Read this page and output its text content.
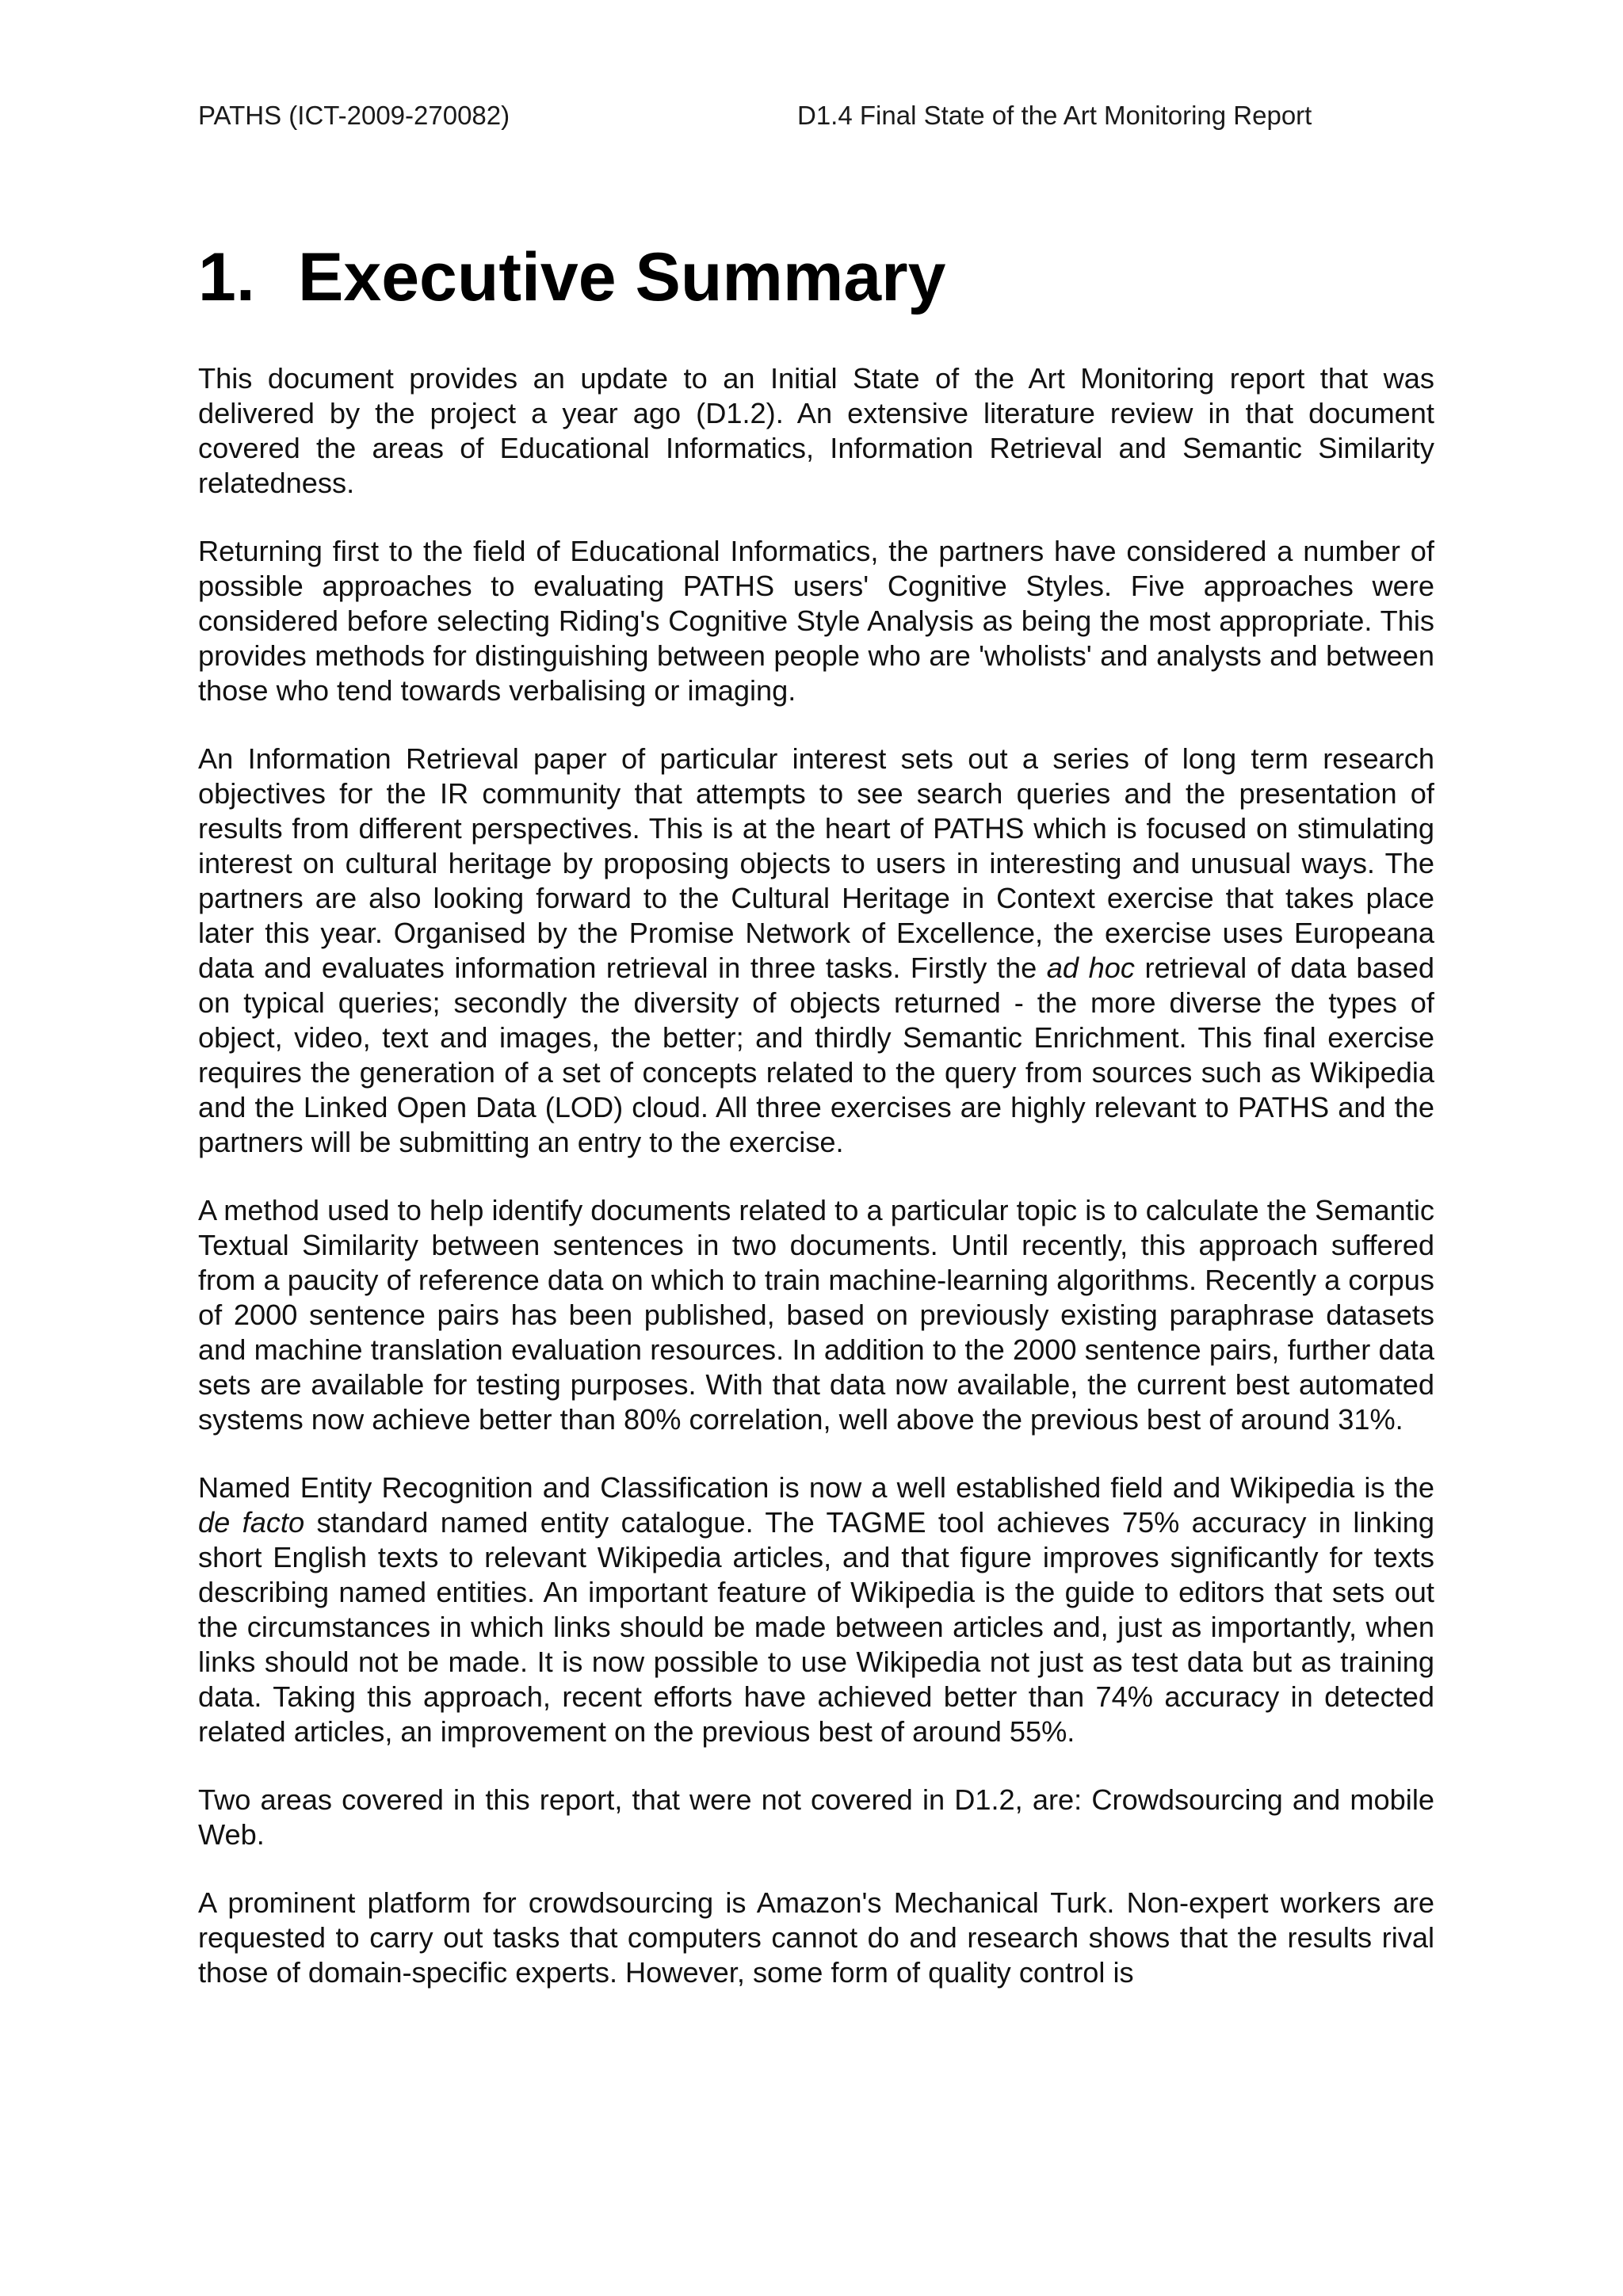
PATHS (ICT-2009-270082)	D1.4 Final State of the Art Monitoring Report
1. Executive Summary

This document provides an update to an Initial State of the Art Monitoring report that was delivered by the project a year ago (D1.2). An extensive literature review in that document covered the areas of Educational Informatics, Information Retrieval and Semantic Similarity relatedness.

Returning first to the field of Educational Informatics, the partners have considered a number of possible approaches to evaluating PATHS users' Cognitive Styles. Five approaches were considered before selecting Riding's Cognitive Style Analysis as being the most appropriate. This provides methods for distinguishing between people who are 'wholists' and analysts and between those who tend towards verbalising or imaging.

An Information Retrieval paper of particular interest sets out a series of long term research objectives for the IR community that attempts to see search queries and the presentation of results from different perspectives. This is at the heart of PATHS which is focused on stimulating interest on cultural heritage by proposing objects to users in interesting and unusual ways. The partners are also looking forward to the Cultural Heritage in Context exercise that takes place later this year. Organised by the Promise Network of Excellence, the exercise uses Europeana data and evaluates information retrieval in three tasks. Firstly the ad hoc retrieval of data based on typical queries; secondly the diversity of objects returned - the more diverse the types of object, video, text and images, the better; and thirdly Semantic Enrichment. This final exercise requires the generation of a set of concepts related to the query from sources such as Wikipedia and the Linked Open Data (LOD) cloud. All three exercises are highly relevant to PATHS and the partners will be submitting an entry to the exercise.

A method used to help identify documents related to a particular topic is to calculate the Semantic Textual Similarity between sentences in two documents. Until recently, this approach suffered from a paucity of reference data on which to train machine-learning algorithms. Recently a corpus of 2000 sentence pairs has been published, based on previously existing paraphrase datasets and machine translation evaluation resources. In addition to the 2000 sentence pairs, further data sets are available for testing purposes. With that data now available, the current best automated systems now achieve better than 80% correlation, well above the previous best of around 31%.

Named Entity Recognition and Classification is now a well established field and Wikipedia is the de facto standard named entity catalogue. The TAGME tool achieves 75% accuracy in linking short English texts to relevant Wikipedia articles, and that figure improves significantly for texts describing named entities. An important feature of Wikipedia is the guide to editors that sets out the circumstances in which links should be made between articles and, just as importantly, when links should not be made. It is now possible to use Wikipedia not just as test data but as training data. Taking this approach, recent efforts have achieved better than 74% accuracy in detected related articles, an improvement on the previous best of around 55%.

Two areas covered in this report, that were not covered in D1.2, are: Crowdsourcing and mobile Web.

A prominent platform for crowdsourcing is Amazon's Mechanical Turk. Non-expert workers are requested to carry out tasks that computers cannot do and research shows that the results rival those of domain-specific experts. However, some form of quality control is
